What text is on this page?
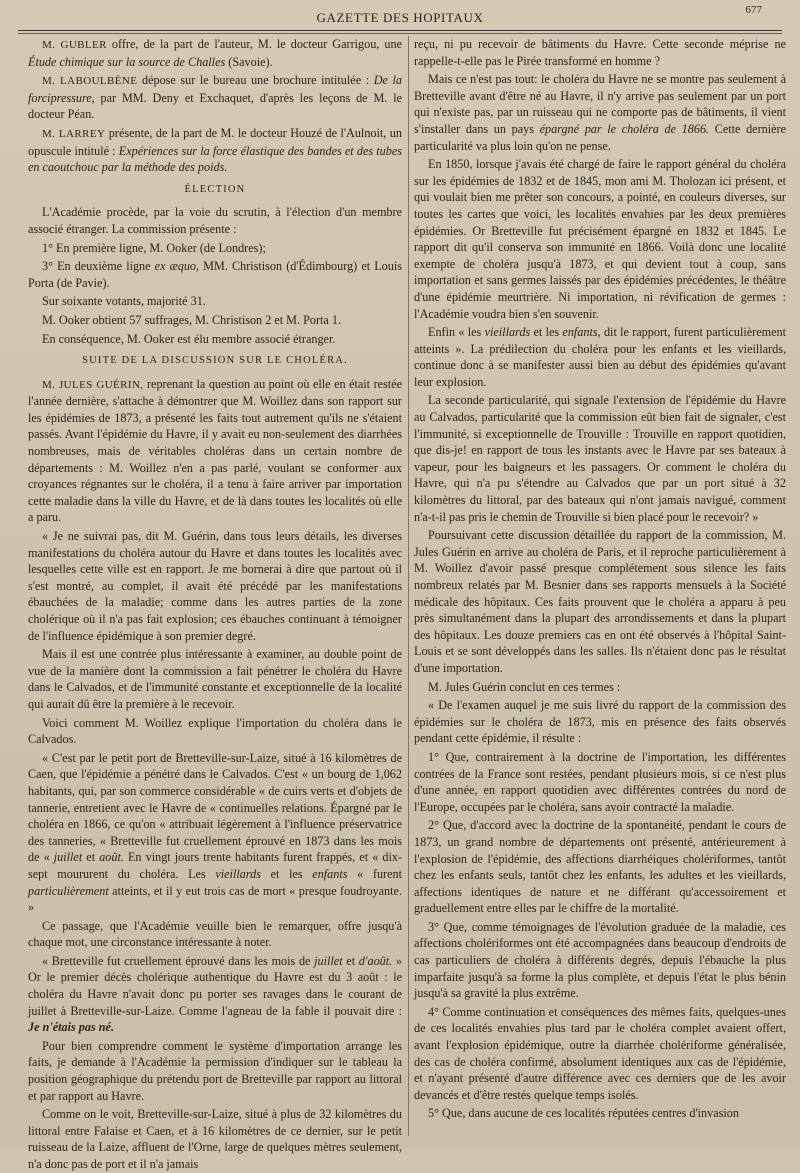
GAZETTE DES HOPITAUX	677

M. GUBLER offre, de la part de l'auteur, M. le docteur Garrigou, une Étude chimique sur la source de Challes (Savoie).

M. LABOULBÈNE dépose sur le bureau une brochure intitulée : De la forcipressure, par MM. Deny et Exchaquet, d'après les leçons de M. le docteur Péan.

M. LARREY présente, de la part de M. le docteur Houzé de l'Aulnoit, un opuscule intitulé : Expériences sur la force élastique des bandes et des tubes en caoutchouc par la méthode des poids.

ÉLECTION

L'Académie procède, par la voie du scrutin, à l'élection d'un membre associé étranger. La commission présente :

1° En première ligne, M. Ooker (de Londres);

3° En deuxième ligne ex æquo, MM. Christison (d'Édimbourg) et Louis Porta (de Pavie).

Sur soixante votants, majorité 31.

M. Ooker obtient 57 suffrages, M. Christison 2 et M. Porta 1.

En conséquence, M. Ooker est élu membre associé étranger.

SUITE DE LA DISCUSSION SUR LE CHOLÉRA.

M. JULES GUÉRIN, reprenant la question au point où elle en était restée l'année dernière, s'attache à démontrer que M. Woillez dans son rapport sur les épidémies de 1873, a présenté les faits tout autrement qu'ils ne s'étaient passés. Avant l'épidémie du Havre, il y avait eu non-seulement des diarrhées nombreuses, mais de véritables choléras dans un certain nombre de départements : M. Woillez n'en a pas parlé, voulant se conformer aux croyances régnantes sur le choléra, il a tenu à faire arriver par importation cette maladie dans la ville du Havre, et de là dans toutes les localités où elle a paru.

« Je ne suivrai pas, dit M. Guérin, dans tous leurs détails, les diverses manifestations du choléra autour du Havre et dans toutes les localités avec lesquelles cette ville est en rapport. Je me bornerai à dire que partout où il s'est montré, au complet, il avait été précédé par les manifestations ébauchées de la maladie; comme dans les autres parties de la zone cholérique où il n'a pas fait explosion; ces ébauches continuant à témoigner de l'influence épidémique à son premier degré.

Mais il est une contrée plus intéressante à examiner, au double point de vue de la manière dont la commission a fait pénétrer le choléra du Havre dans le Calvados, et de l'immunité constante et exceptionnelle de la localité qui aurait dû être la première à le recevoir.

Voici comment M. Woillez explique l'importation du choléra dans le Calvados.

« C'est par le petit port de Bretteville-sur-Laize, situé à 16 kilomètres de Caen, que l'épidémie a pénétré dans le Calvados. C'est « un bourg de 1,062 habitants, qui, par son commerce considérable « de cuirs verts et d'objets de tannerie, entretient avec le Havre de « continuelles relations. Épargné par le choléra en 1866, ce qu'on « attribuait légèrement à l'influence préservatrice des tanneries, « Bretteville fut cruellement éprouvé en 1873 dans les mois de « juillet et août. En vingt jours trente habitants furent frappés, et « dix-sept moururent du choléra. Les vieillards et les enfants « furent particulièrement atteints, et il y eut trois cas de mort « presque foudroyante. »

Ce passage, que l'Académie veuille bien le remarquer, offre jusqu'à chaque mot, une circonstance intéressante à noter.

« Bretteville fut cruellement éprouvé dans les mois de juillet et d'août. » Or le premier décès cholérique authentique du Havre est du 3 août : le choléra du Havre n'avait donc pu porter ses ravages dans le courant de juillet à Bretteville-sur-Laize. Comme l'agneau de la fable il pouvait dire : Je n'étais pas né.

Pour bien comprendre comment le système d'importation arrange les faits, je demande à l'Académie la permission d'indiquer sur le tableau la position géographique du prétendu port de Bretteville par rapport au littoral et par rapport au Havre.

Comme on le voit, Bretteville-sur-Laize, situé à plus de 32 kilomètres du littoral entre Falaise et Caen, et à 16 kilomètres de ce dernier, sur le petit ruisseau de la Laize, affluent de l'Orne, large de quelques mètres seulement, n'a donc pas de port et il n'a jamais

reçu, ni pu recevoir de bâtiments du Havre. Cette seconde méprise ne rappelle-t-elle pas le Pirée transformé en homme ?

Mais ce n'est pas tout: le choléra du Havre ne se montre pas seulement à Bretteville avant d'être né au Havre, il n'y arrive pas seulement par un port qui n'existe pas, par un ruisseau qui ne comporte pas de bâtiments, il vient s'installer dans un pays épargné par le choléra de 1866. Cette dernière particularité va plus loin qu'on ne pense.

En 1850, lorsque j'avais été chargé de faire le rapport général du choléra sur les épidémies de 1832 et de 1845, mon ami M. Tholozan ici présent, et qui voulait bien me prêter son concours, a pointé, en couleurs diverses, sur toutes les cartes que voici, les localités envahies par les deux premières épidémies. Or Bretteville fut précisément épargné en 1832 et 1845. Le rapport dit qu'il conserva son immunité en 1866. Voilà donc une localité exempte de choléra jusqu'à 1873, et qui devient tout à coup, sans importation et sans germes laissés par des épidémies précédentes, le théâtre d'une épidémie meurtrière. Ni importation, ni révification de germes : l'Académie voudra bien s'en souvenir.

Enfin « les vieillards et les enfants, dit le rapport, furent particulièrement atteints ». La prédilection du choléra pour les enfants et les vieillards, continue donc à se manifester aussi bien au début des épidémies qu'avant leur explosion.

La seconde particularité, qui signale l'extension de l'épidémie du Havre au Calvados, particularité que la commission eût bien fait de signaler, c'est l'immunité, si exceptionnelle de Trouville : Trouville en rapport quotidien, que dis-je! en rapport de tous les instants avec le Havre par ses bateaux à vapeur, pour les baigneurs et les passagers. Or comment le choléra du Havre, qui n'a pu s'étendre au Calvados que par un port situé à 32 kilomètres du littoral, par des bateaux qui n'ont jamais navigué, comment n'a-t-il pas pris le chemin de Trouville si bien placé pour le recevoir? »

Poursuivant cette discussion détaillée du rapport de la commission, M. Jules Guérin en arrive au choléra de Paris, et il reproche particulièrement à M. Woillez d'avoir passé presque complétement sous silence les faits nombreux relatés par M. Besnier dans ses rapports mensuels à la Société médicale des hôpitaux. Ces faits prouvent que le choléra a apparu à peu près simultanément dans la plupart des arrondissements et dans la plupart des hôpitaux. Les douze premiers cas en ont été observés à l'hôpital Saint-Louis et se sont développés dans les salles. Ils n'étaient donc pas le résultat d'une importation.

M. Jules Guérin conclut en ces termes :

« De l'examen auquel je me suis livré du rapport de la commission des épidémies sur le choléra de 1873, mis en présence des faits observés pendant cette épidémie, il résulte :

1° Que, contrairement à la doctrine de l'importation, les différentes contrées de la France sont restées, pendant plusieurs mois, si ce n'est plus d'une année, en rapport quotidien avec différentes contrées du nord de l'Europe, occupées par le choléra, sans avoir contracté la maladie.

2° Que, d'accord avec la doctrine de la spontanéité, pendant le cours de 1873, un grand nombre de départements ont présenté, antérieurement à l'explosion de l'épidémie, des affections diarrhéiques cholériformes, tantôt chez les enfants seuls, tantôt chez les enfants, les adultes et les vieillards, affections identiques de nature et ne différant qu'accessoirement et graduellement entre elles par le chiffre de la mortalité.

3° Que, comme témoignages de l'évolution graduée de la maladie, ces affections cholériformes ont été accompagnées dans beaucoup d'endroits de cas particuliers de choléra à différents degrés, depuis l'ébauche la plus imparfaite jusqu'à sa forme la plus complète, et depuis l'état le plus bénin jusqu'à sa gravité la plus extrême.

4° Comme continuation et conséquences des mêmes faits, quelques-unes de ces localités envahies plus tard par le choléra complet avaient offert, avant l'explosion épidémique, outre la diarrhée cholériforme généralisée, des cas de choléra confirmé, absolument identiques aux cas de l'épidémie, et n'ayant présenté d'autre différence avec ces derniers que de les avoir devancés et d'être restés quelque temps isolés.

5° Que, dans aucune de ces localités réputées centres d'invasion
